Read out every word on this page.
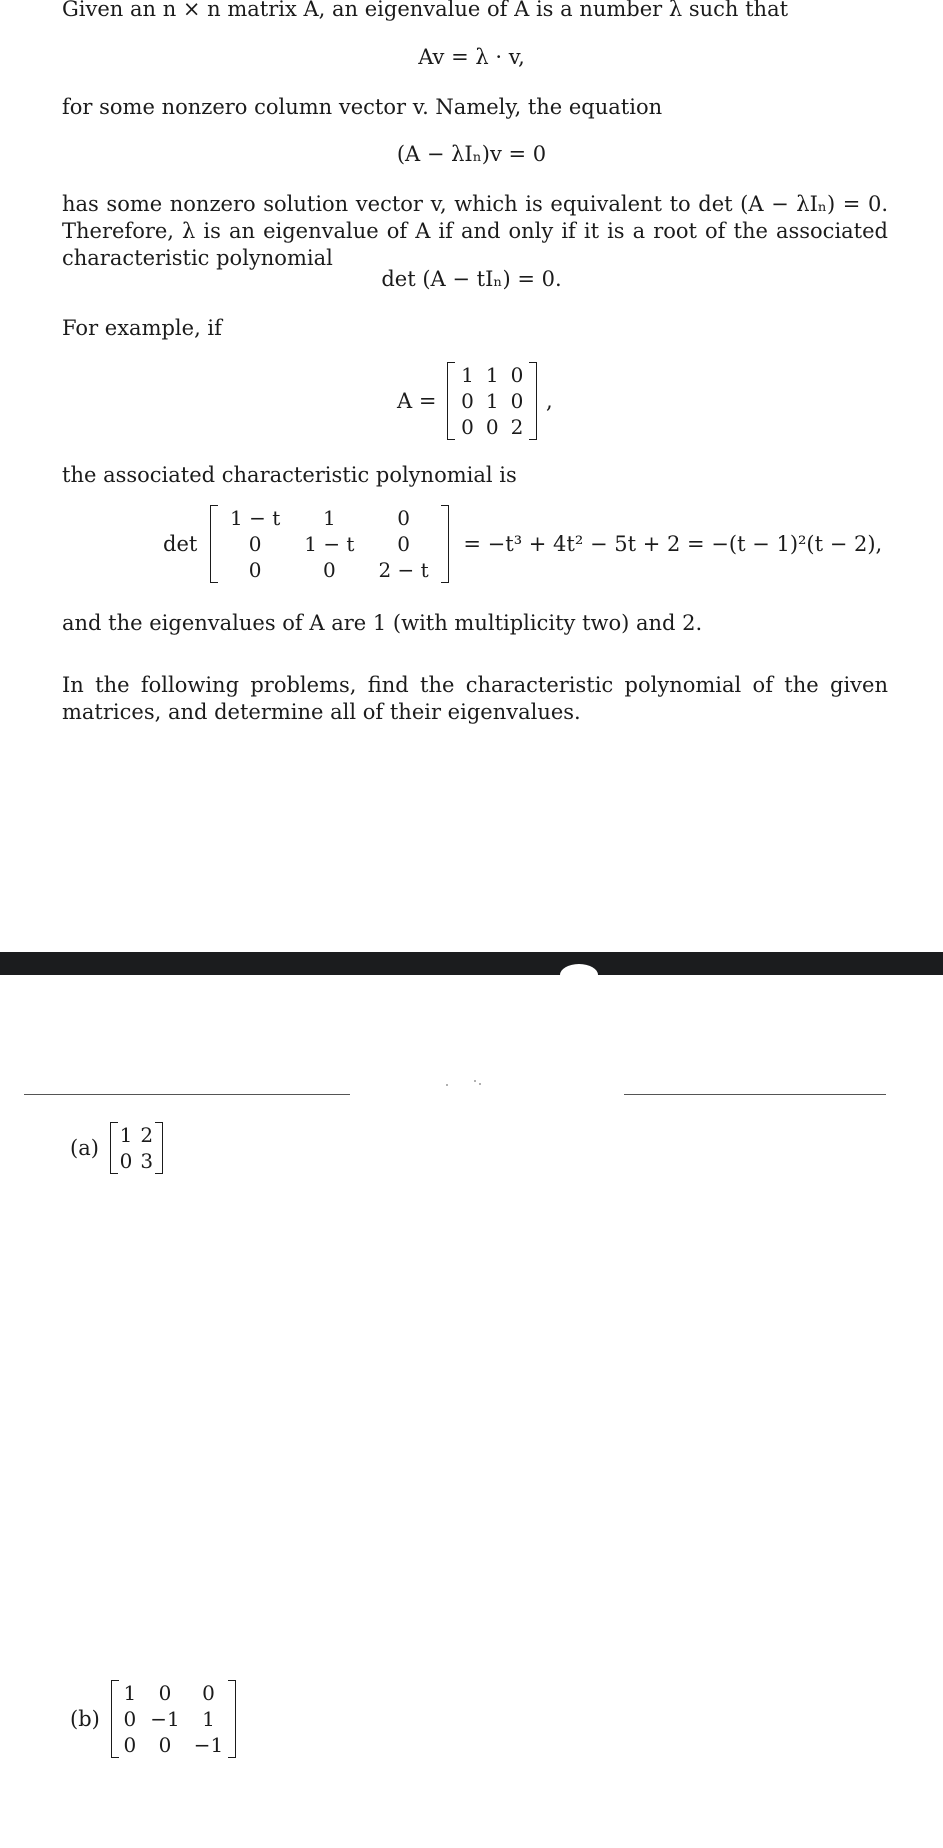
Given an n × n matrix A, an eigenvalue of A is a number λ such that
Av = λ · v,
for some nonzero column vector v. Namely, the equation
(A − λIₙ)v = 0
has some nonzero solution vector v, which is equivalent to det (A − λIₙ) = 0. Therefore, λ is an eigenvalue of A if and only if it is a root of the associated characteristic polynomial
det (A − tIₙ) = 0.
For example, if
A =
1	1	0
0	1	0
0	0	2
,
the associated characteristic polynomial is
det
1 − t	1	0
0	1 − t	0
0	0	2 − t
= −t³ + 4t² − 5t + 2 = −(t − 1)²(t − 2),
and the eigenvalues of A are 1 (with multiplicity two) and 2.
In the following problems, find the characteristic polynomial of the given matrices, and determine all of their eigenvalues.
(a)
1	2
0	3
(b)
1	0	0
0	−1	1
0	0	−1
